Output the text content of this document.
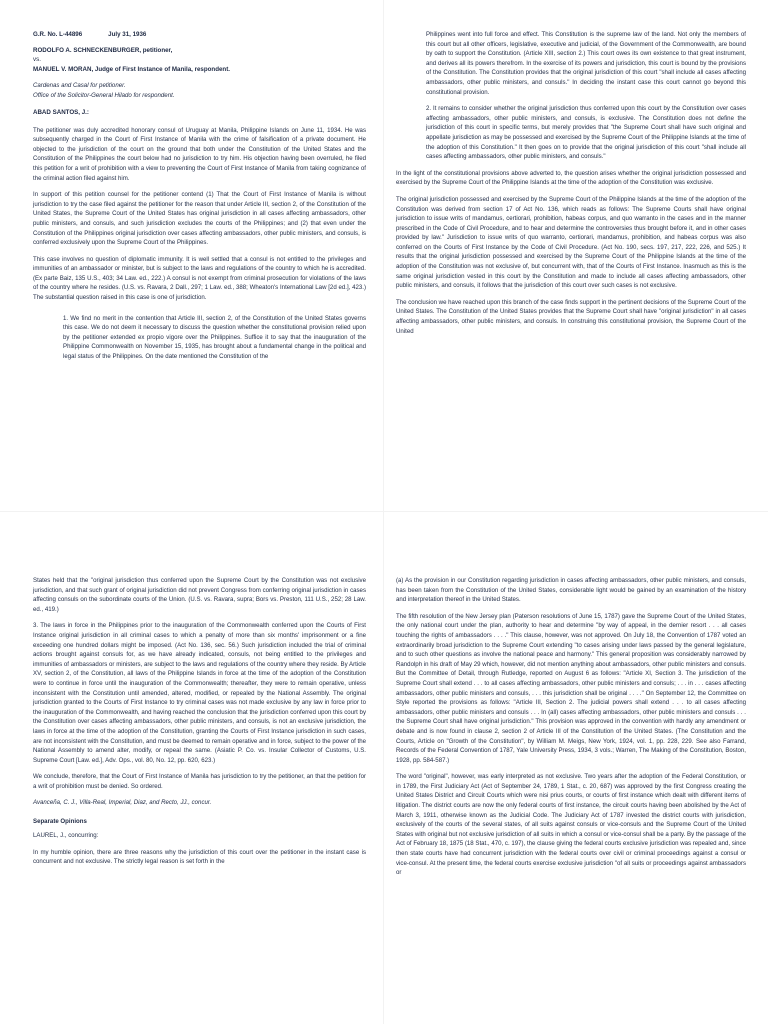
G.R. No. L-44896	July 31, 1936
RODOLFO A. SCHNECKENBURGER, petitioner,
vs.
MANUEL V. MORAN, Judge of First Instance of Manila, respondent.
Cardenas and Casal for petitioner.
Office of the Solicitor-General Hilado for respondent.
ABAD SANTOS, J.:

The petitioner was duly accredited honorary consul of Uruguay at Manila, Philippine Islands on June 11, 1934. He was subsequently charged in the Court of First Instance of Manila with the crime of falsification of a private document. He objected to the jurisdiction of the court on the ground that both under the Constitution of the United States and the Constitution of the Philippines the court below had no jurisdiction to try him. His objection having been overruled, he filed this petition for a writ of prohibition with a view to preventing the Court of First Instance of Manila from taking cognizance of the criminal action filed against him.

In support of this petition counsel for the petitioner contend (1) That the Court of First Instance of Manila is without jurisdiction to try the case filed against the petitioner for the reason that under Article III, section 2, of the Constitution of the United States, the Supreme Court of the United States has original jurisdiction in all cases affecting ambassadors, other public ministers, and consuls, and such jurisdiction excludes the courts of the Philippines; and (2) that even under the Constitution of the Philippines original jurisdiction over cases affecting ambassadors, other public ministers, and consuls, is conferred exclusively upon the Supreme Court of the Philippines.

This case involves no question of diplomatic immunity. It is well settled that a consul is not entitled to the privileges and immunities of an ambassador or minister, but is subject to the laws and regulations of the country to which he is accredited. (Ex parte Baiz, 135 U.S., 403; 34 Law. ed., 222.) A consul is not exempt from criminal prosecution for violations of the laws of the country where he resides. (U.S. vs. Ravara, 2 Dall., 297; 1 Law. ed., 388; Wheaton's International Law [2d ed.], 423.) The substantial question raised in this case is one of jurisdiction.

1. We find no merit in the contention that Article III, section 2, of the Constitution of the United States governs this case. We do not deem it necessary to discuss the question whether the constitutional provision relied upon by the petitioner extended ex propio vigore over the Philippines. Suffice it to say that the inauguration of the Philippine Commonwealth on November 15, 1935, has brought about a fundamental change in the political and legal status of the Philippines. On the date mentioned the Constitution of the

Philippines went into full force and effect. This Constitution is the supreme law of the land. Not only the members of this court but all other officers, legislative, executive and judicial, of the Government of the Commonwealth, are bound by oath to support the Constitution. (Article XIII, section 2.) This court owes its own existence to that great instrument, and derives all its powers therefrom. In the exercise of its powers and jurisdiction, this court is bound by the provisions of the Constitution. The Constitution provides that the original jurisdiction of this court "shall include all cases affecting ambassadors, other public ministers, and consuls." In deciding the instant case this court cannot go beyond this constitutional provision.

2. It remains to consider whether the original jurisdiction thus conferred upon this court by the Constitution over cases affecting ambassadors, other public ministers, and consuls, is exclusive. The Constitution does not define the jurisdiction of this court in specific terms, but merely provides that "the Supreme Court shall have such original and appellate jurisdiction as may be possessed and exercised by the Supreme Court of the Philippine Islands at the time of the adoption of this Constitution." It then goes on to provide that the original jurisdiction of this court "shall include all cases affecting ambassadors, other public ministers, and consuls."

In the light of the constitutional provisions above adverted to, the question arises whether the original jurisdiction possessed and exercised by the Supreme Court of the Philippine Islands at the time of the adoption of the Constitution was exclusive.

The original jurisdiction possessed and exercised by the Supreme Court of the Philippine Islands at the time of the adoption of the Constitution was derived from section 17 of Act No. 136, which reads as follows: The Supreme Courts shall have original jurisdiction to issue writs of mandamus, certiorari, prohibition, habeas corpus, and quo warranto in the cases and in the manner prescribed in the Code of Civil Procedure, and to hear and determine the controversies thus brought before it, and in other cases provided by law." Jurisdiction to issue writs of quo warranto, certiorari, mandamus, prohibition, and habeas corpus was also conferred on the Courts of First Instance by the Code of Civil Procedure. (Act No. 190, secs. 197, 217, 222, 226, and 525.) It results that the original jurisdiction possessed and exercised by the Supreme Court of the Philippine Islands at the time of the adoption of the Constitution was not exclusive of, but concurrent with, that of the Courts of First Instance. Inasmuch as this is the same original jurisdiction vested in this court by the Constitution and made to include all cases affecting ambassadors, other public ministers, and consuls, it follows that the jurisdiction of this court over such cases is not exclusive.

The conclusion we have reached upon this branch of the case finds support in the pertinent decisions of the Supreme Court of the United States. The Constitution of the United States provides that the Supreme Court shall have "original jurisdiction" in all cases affecting ambassadors, other public ministers, and consuls. In construing this constitutional provision, the Supreme Court of the United

States held that the "original jurisdiction thus conferred upon the Supreme Court by the Constitution was not exclusive jurisdiction, and that such grant of original jurisdiction did not prevent Congress from conferring original jurisdiction in cases affecting consuls on the subordinate courts of the Union. (U.S. vs. Ravara, supra; Bors vs. Preston, 111 U.S., 252; 28 Law. ed., 419.)

3. The laws in force in the Philippines prior to the inauguration of the Commonwealth conferred upon the Courts of First Instance original jurisdiction in all criminal cases to which a penalty of more than six months' imprisonment or a fine exceeding one hundred dollars might be imposed. (Act No. 136, sec. 56.) Such jurisdiction included the trial of criminal actions brought against consuls for, as we have already indicated, consuls, not being entitled to the privileges and immunities of ambassadors or ministers, are subject to the laws and regulations of the country where they reside. By Article XV, section 2, of the Constitution, all laws of the Philippine Islands in force at the time of the adoption of the Constitution were to continue in force until the inauguration of the Commonwealth; thereafter, they were to remain operative, unless inconsistent with the Constitution until amended, altered, modified, or repealed by the National Assembly. The original jurisdiction granted to the Courts of First Instance to try criminal cases was not made exclusive by any law in force prior to the inauguration of the Commonwealth, and having reached the conclusion that the jurisdiction conferred upon this court by the Constitution over cases affecting ambassadors, other public ministers, and consuls, is not an exclusive jurisdiction, the laws in force at the time of the adoption of the Constitution, granting the Courts of First Instance jurisdiction in such cases, are not inconsistent with the Constitution, and must be deemed to remain operative and in force, subject to the power of the National Assembly to amend alter, modify, or repeal the same. (Asiatic P. Co. vs. Insular Collector of Customs, U.S. Supreme Court [Law. ed.], Adv. Ops., vol. 80, No. 12, pp. 620, 623.)

We conclude, therefore, that the Court of First Instance of Manila has jurisdiction to try the petitioner, an that the petition for a writ of prohibition must be denied. So ordered.

Avanceña, C. J., Villa-Real, Imperial, Diaz, and Recto, JJ., concur.

Separate Opinions

LAUREL, J., concurring:

In my humble opinion, there are three reasons why the jurisdiction of this court over the petitioner in the instant case is concurrent and not exclusive. The strictly legal reason is set forth in the

(a) As the provision in our Constitution regarding jurisdiction in cases affecting ambassadors, other public ministers, and consuls, has been taken from the Constitution of the United States, considerable light would be gained by an examination of the history and interpretation thereof in the United States.

The fifth resolution of the New Jersey plan (Paterson resolutions of June 15, 1787) gave the Supreme Court of the United States, the only national court under the plan, authority to hear and determine "by way of appeal, in the dernier resort . . . all cases touching the rights of ambassadors . . . ." This clause, however, was not approved. On July 18, the Convention of 1787 voted an extraordinarily broad jurisdiction to the Supreme Court extending "to cases arising under laws passed by the general legislature, and to such other questions as involve the national peace and harmony." This general proposition was considerably narrowed by Randolph in his draft of May 29 which, however, did not mention anything about ambassadors, other public ministers and consuls. But the Committee of Detail, through Rutledge, reported on August 6 as follows: "Article XI, Section 3. The jurisdiction of the Supreme Court shall extend . . . to all cases affecting ambassadors, other public ministers and consuls; . . . in . . . cases affecting ambassadors, other public ministers and consuls, . . . this jurisdiction shall be original . . . ." On September 12, the Committee on Style reported the provisions as follows: "Article III, Section 2. The judicial powers shall extend . . . to all cases affecting ambassadors, other public ministers and consuls . . . In (all) cases affecting ambassadors, other public ministers and consuls . . . the Supreme Court shall have original jurisdiction." This provision was approved in the convention with hardly any amendment or debate and is now found in clause 2, section 2 of Article III of the Constitution of the United States. (The Constitution and the Courts, Article on "Growth of the Constitution", by William M. Meigs, New York, 1924, vol. 1, pp. 228, 229. See also Farrand, Records of the Federal Convention of 1787, Yale University Press, 1934, 3 vols.; Warren, The Making of the Constitution, Boston, 1928, pp. 584-587.)

The word "original", however, was early interpreted as not exclusive. Two years after the adoption of the Federal Constitution, or in 1789, the First Judiciary Act (Act of September 24, 1789, 1 Stat., c. 20, 687) was approved by the first Congress creating the United States District and Circuit Courts which were nisi prius courts, or courts of first instance which dealt with different items of litigation. The district courts are now the only federal courts of first instance, the circuit courts having been abolished by the Act of March 3, 1911, otherwise known as the Judicial Code. The Judiciary Act of 1787 invested the district courts with jurisdiction, exclusively of the courts of the several states, of all suits against consuls or vice-consuls and the Supreme Court of the United States with original but not exclusive jurisdiction of all suits in which a consul or vice-consul shall be a party. By the passage of the Act of February 18, 1875 (18 Stat., 470, c. 197), the clause giving the federal courts exclusive jurisdiction was repealed and, since then state courts have had concurrent jurisdiction with the federal courts over civil or criminal proceedings against a consul or vice-consul. At the present time, the federal courts exercise exclusive jurisdiction "of all suits or proceedings against ambassadors or
